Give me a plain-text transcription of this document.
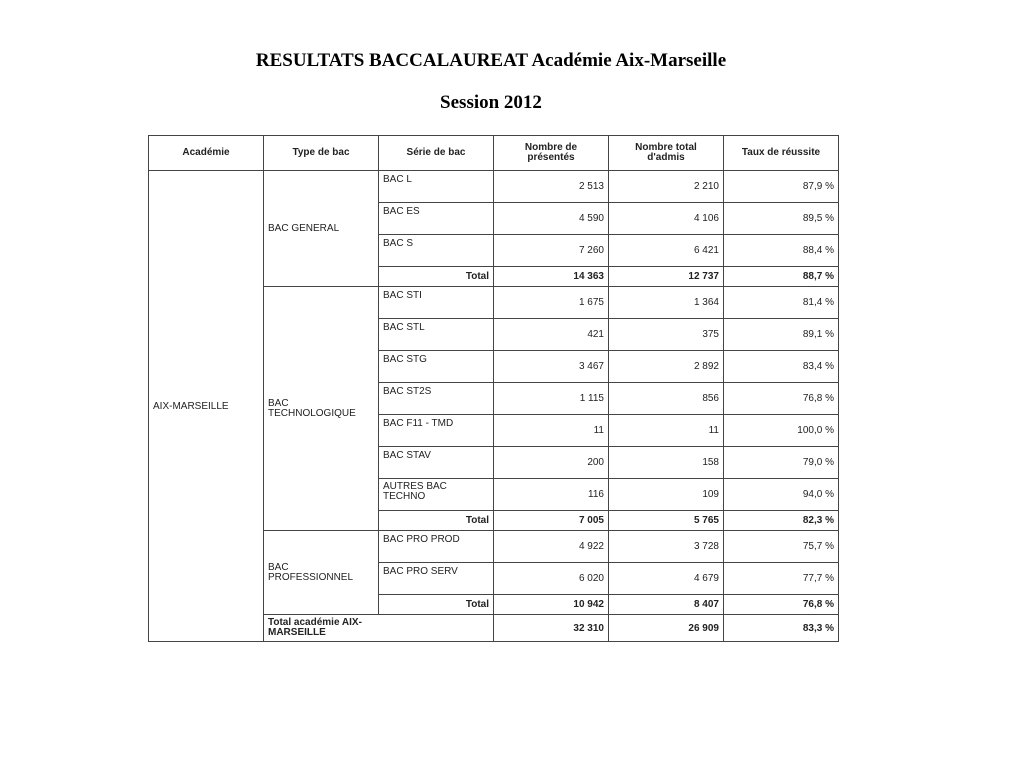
RESULTATS BACCALAUREAT Académie Aix-Marseille
Session 2012
Académie	Type de bac	Série de bac	Nombre de présentés	Nombre total d'admis	Taux de réussite
AIX-MARSEILLE	BAC GENERAL	BAC L	2 513	2 210	87,9 %
		BAC ES	4 590	4 106	89,5 %
		BAC S	7 260	6 421	88,4 %
		Total	14 363	12 737	88,7 %

	BAC TECHNOLOGIQUE	BAC STI	1 675	1 364	81,4 %
		BAC STL	421	375	89,1 %
		BAC STG	3 467	2 892	83,4 %
		BAC ST2S	1 115	856	76,8 %
		BAC F11 - TMD	11	11	100,0 %
		BAC STAV	200	158	79,0 %

		AUTRES BAC TECHNO	116	109	94,0 %
		Total	7 005	5 765	82,3 %

	BAC PROFESSIONNEL	BAC PRO PROD	4 922	3 728	75,7 %
		BAC PRO SERV	6 020	4 679	77,7 %
		Total	10 942	8 407	76,8 %

	Total académie AIX-MARSEILLE		32 310	26 909	83,3 %
